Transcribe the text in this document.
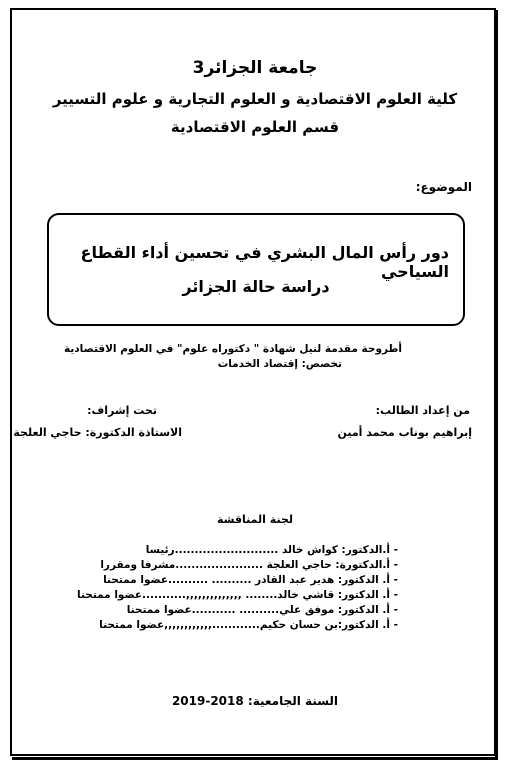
جامعة الجزائر3
كلية العلوم الاقتصادية و العلوم التجارية و علوم التسيير
قسم العلوم الاقتصادية
الموضوع:
دور رأس المال البشري في تحسين أداء القطاع السياحي
دراسة حالة الجزائر
أطروحة مقدمة لنيل شهادة " دكتوراه علوم" في العلوم الاقتصادية
تخصص: إقتصاد الخدمات
من إعداد الطالب:
إبراهيم بوناب محمد أمين
تحت إشراف:
الاستاذة الدكتورة: حاجي العلجة
لجنة المناقشة
- أ.الدكتور: كواش خالد ..........................رئيسا
- أ.الدكتورة: حاجي العلجة ......................مشرفا ومقررا
- أ. الدكتور: هدير عبد القادر .......... ..........عضوا ممتحنا
- أ. الدكتور: قاشي خالد........ ,,,,,,,,,,,,,,...........عضوا ممتحنا
- أ. الدكتور: موفق علي.......... ...........عضوا ممتحنا
- أ. الدكتور:بن حسان حكيم............,,,,,,,,,,,,عضوا ممتحنا
السنة الجامعية: 2018-2019
